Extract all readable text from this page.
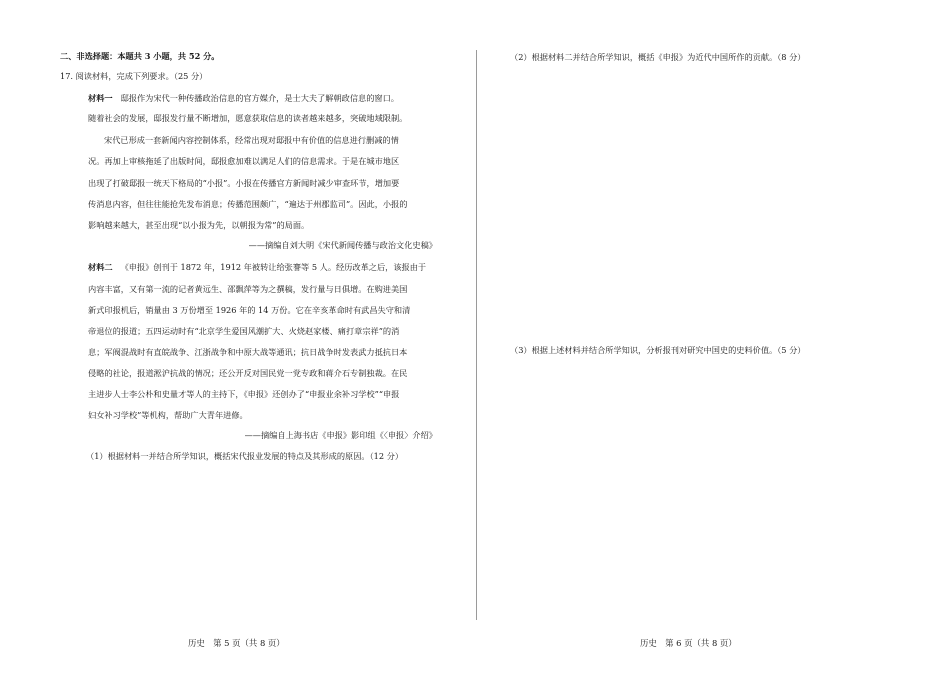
二、非选择题：本题共 3 小题，共 52 分。
17. 阅读材料，完成下列要求。（25 分）
材料一 邸报作为宋代一种传播政治信息的官方媒介，是士大夫了解朝政信息的窗口。
随着社会的发展，邸报发行量不断增加，愿意获取信息的读者越来越多，突破地域限制。
宋代已形成一套新闻内容控制体系，经常出现对邸报中有价值的信息进行删减的情
况。再加上审核拖延了出版时间，邸报愈加难以满足人们的信息需求。于是在城市地区
出现了打破邸报一统天下格局的“小报”。小报在传播官方新闻时减少审查环节，增加要
传消息内容，但往往能抢先发布消息；传播范围颇广，“遍达于州郡监司”。因此，小报的
影响越来越大，甚至出现“以小报为先，以朝报为常”的局面。
——摘编自刘大明《宋代新闻传播与政治文化史稿》
材料二 《申报》创刊于 1872 年，1912 年被转让给张謇等 5 人。经历改革之后，该报由于
内容丰富，又有第一流的记者黄远生、邵飘萍等为之撰稿，发行量与日俱增。在购进美国
新式印报机后，销量由 3 万份增至 1926 年的 14 万份。它在辛亥革命时有武昌失守和清
帝退位的报道；五四运动时有“北京学生爱国风潮扩大、火烧赵家楼、痛打章宗祥”的消
息；军阀混战时有直皖战争、江浙战争和中原大战等通讯；抗日战争时发表武力抵抗日本
侵略的社论，报道淞沪抗战的情况；还公开反对国民党一党专政和蒋介石专制独裁。在民
主进步人士李公朴和史量才等人的主持下，《申报》还创办了“申报业余补习学校”“申报
妇女补习学校”等机构，帮助广大青年进修。
——摘编自上海书店《申报》影印组《〈申报〉介绍》
（1）根据材料一并结合所学知识，概括宋代报业发展的特点及其形成的原因。（12 分）
历史　第 5 页（共 8 页）
（2）根据材料二并结合所学知识，概括《申报》为近代中国所作的贡献。（8 分）
（3）根据上述材料并结合所学知识，分析报刊对研究中国史的史料价值。（5 分）
历史　第 6 页（共 8 页）
